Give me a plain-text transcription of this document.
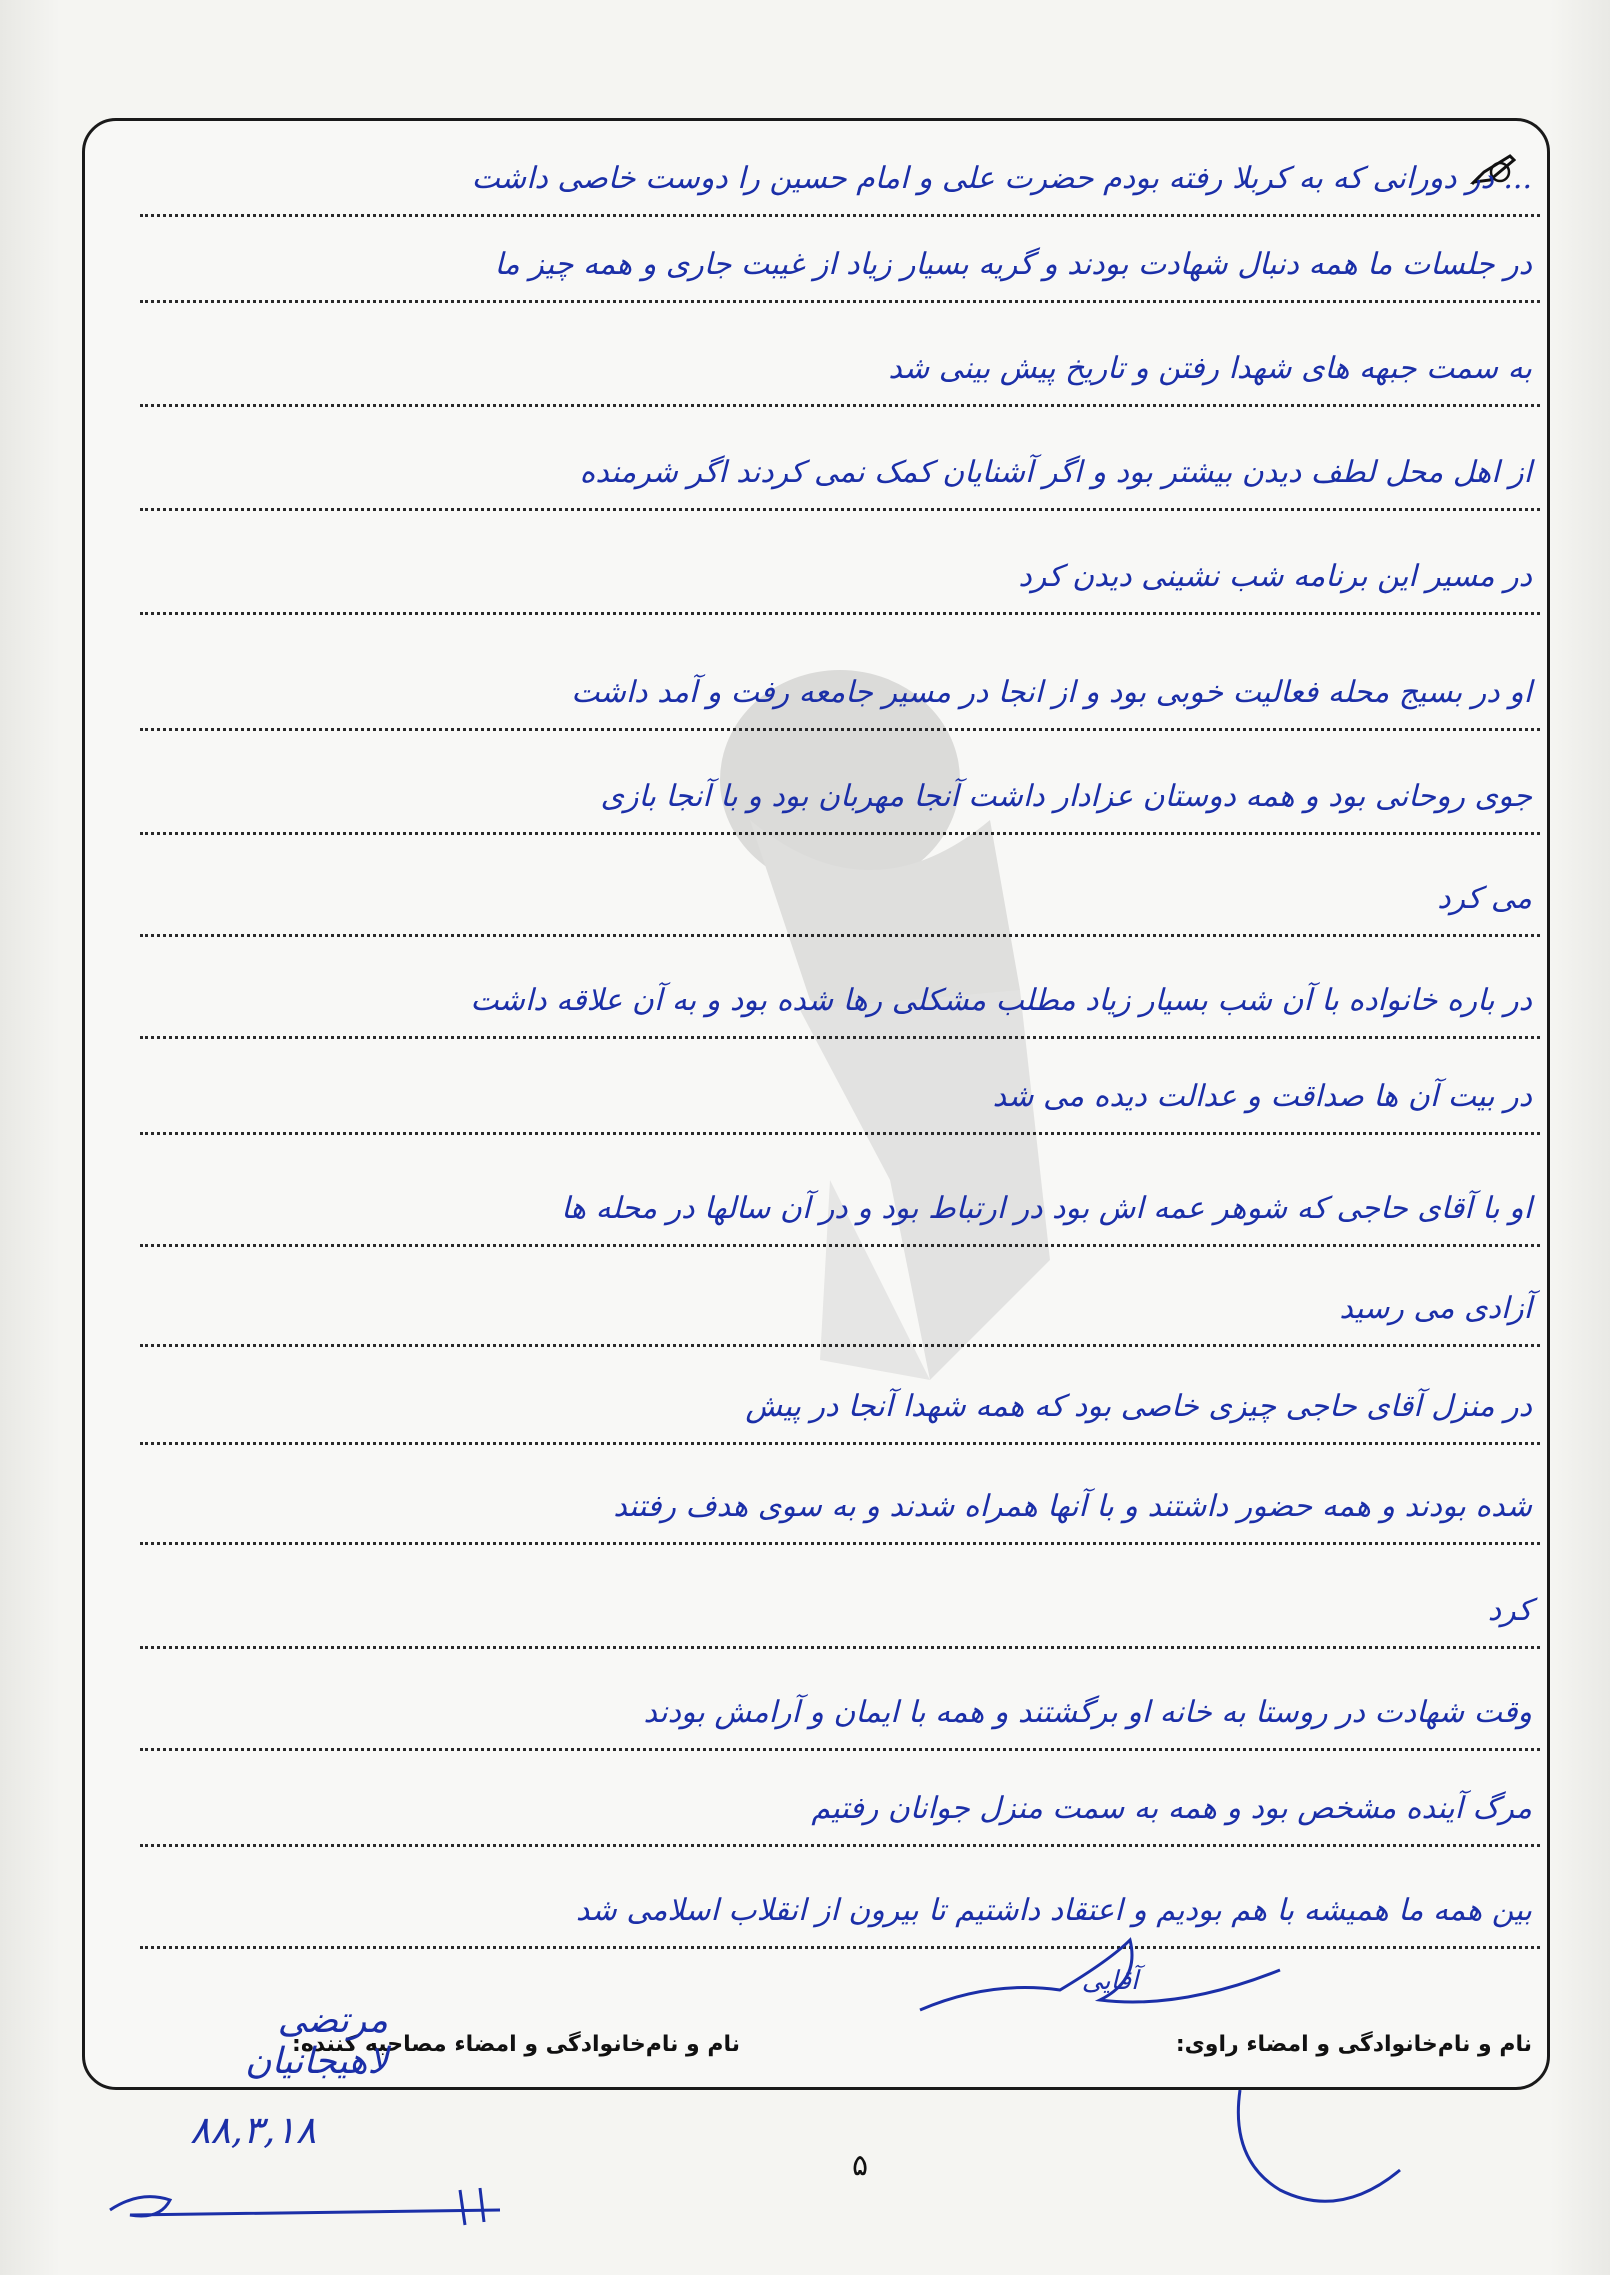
... در دورانی که به کربلا رفته بودم حضرت علی و امام حسین را دوست خاصی داشت
در جلسات ما همه دنبال شهادت بودند و گریه بسیار زیاد از غیبت جاری و همه چیز ما
به سمت جبهه های شهدا رفتن و تاریخ پیش بینی شد
از اهل محل لطف دیدن بیشتر بود و اگر آشنایان کمک نمی کردند اگر شرمنده
در مسیر این برنامه شب نشینی دیدن کرد
او در بسیج محله فعالیت خوبی بود و از انجا در مسیر جامعه رفت و آمد داشت
جوی روحانی بود و همه دوستان عزادار داشت آنجا مهربان بود و با آنجا بازی
می کرد
در باره خانواده با آن شب بسیار زیاد مطلب مشکلی رها شده بود و به آن علاقه داشت
در بیت آن ها صداقت و عدالت دیده می شد
او با آقای حاجی که شوهر عمه اش بود در ارتباط بود و در آن سالها در محله ها
آزادی می رسید
در منزل آقای حاجی چیزی خاصی بود که همه شهدا آنجا در پیش
شده بودند و همه حضور داشتند و با آنها همراه شدند و به سوی هدف رفتند
کرد
وقت شهادت در روستا به خانه او برگشتند و همه با ایمان و آرامش بودند
مرگ آینده مشخص بود و همه به سمت منزل جوانان رفتیم
بین همه ما همیشه با هم بودیم و اعتقاد داشتیم تا بیرون از انقلاب اسلامی شد
نام و نام‌خانوادگی و امضاء راوی:
نام و نام‌خانوادگی و امضاء مصاحبه کننده:
مرتضی لاهیجانیان
آقایی
۸۸,۳,۱۸
۵
